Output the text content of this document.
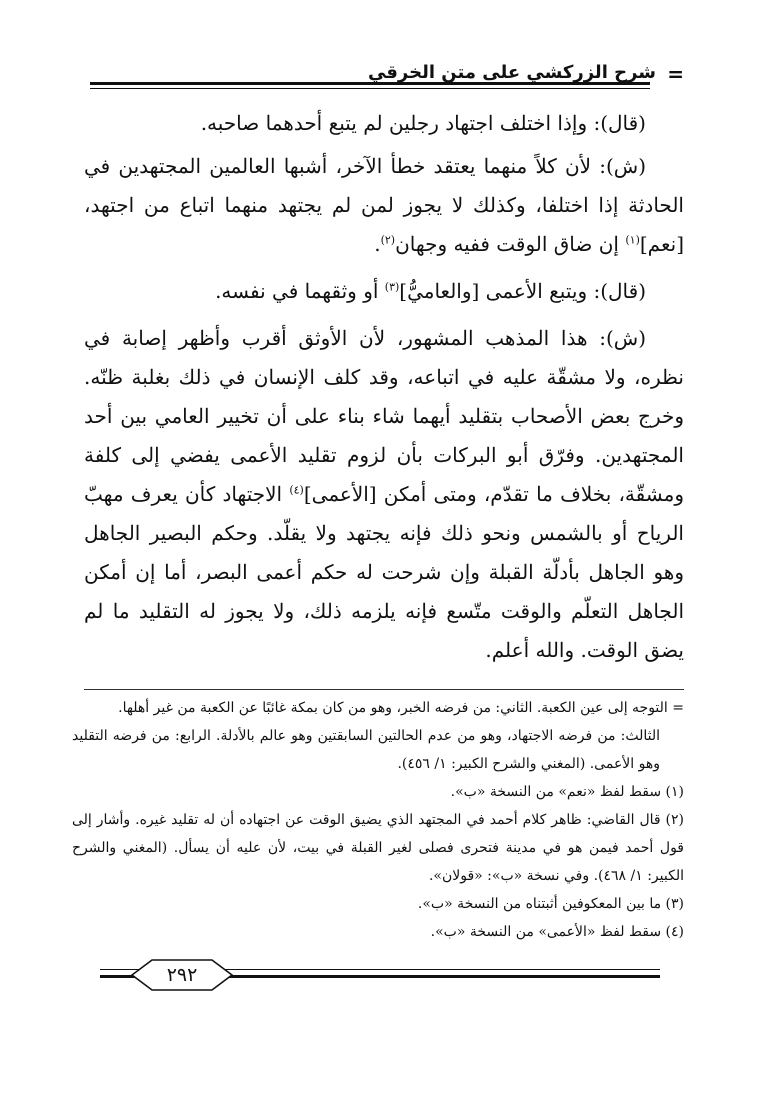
=
شرح الزركشي على متن الخرقي

(قال): وإذا اختلف اجتهاد رجلين لم يتبع أحدهما صاحبه.

(ش): لأن كلاً منهما يعتقد خطأ الآخر، أشبها العالمين المجتهدين في الحادثة إذا اختلفا، وكذلك لا يجوز لمن لم يجتهد منهما اتباع من اجتهد، [نعم]$^{(١)}$ إن ضاق الوقت ففيه وجهان$^{(٢)}$.

(قال): ويتبع الأعمى [والعاميُّ]$^{(٣)}$ أو وثقهما في نفسه.

(ش): هذا المذهب المشهور، لأن الأوثق أقرب وأظهر إصابة في نظره، ولا مشقّة عليه في اتباعه، وقد كلف الإنسان في ذلك بغلبة ظنّه. وخرج بعض الأصحاب بتقليد أيهما شاء بناء على أن تخيير العامي بين أحد المجتهدين. وفرّق أبو البركات بأن لزوم تقليد الأعمى يفضي إلى كلفة ومشقّة، بخلاف ما تقدّم، ومتى أمكن [الأعمى]$^{(٤)}$ الاجتهاد كأن يعرف مهبّ الرياح أو بالشمس ونحو ذلك فإنه يجتهد ولا يقلّد. وحكم البصير الجاهل وهو الجاهل بأدلّة القبلة وإن شرحت له حكم أعمى البصر، أما إن أمكن الجاهل التعلّم والوقت متّسع فإنه يلزمه ذلك، ولا يجوز له التقليد ما لم يضق الوقت. والله أعلم.

= التوجه إلى عين الكعبة. الثاني: من فرضه الخبر، وهو من كان بمكة غائبًا عن الكعبة من غير أهلها.

الثالث: من فرضه الاجتهاد، وهو من عدم الحالتين السابقتين وهو عالم بالأدلة. الرابع: من فرضه التقليد وهو الأعمى. (المغني والشرح الكبير: ١/ ٤٥٦).

(١) سقط لفظ «نعم» من النسخة «ب».

(٢) قال القاضي: ظاهر كلام أحمد في المجتهد الذي يضيق الوقت عن اجتهاده أن له تقليد غيره. وأشار إلى قول أحمد فيمن هو في مدينة فتحرى فصلى لغير القبلة في بيت، لأن عليه أن يسأل. (المغني والشرح الكبير: ١/ ٤٦٨). وفي نسخة «ب»: «قولان».

(٣) ما بين المعكوفين أثبتناه من النسخة «ب».

(٤) سقط لفظ «الأعمى» من النسخة «ب».

٢٩٢
